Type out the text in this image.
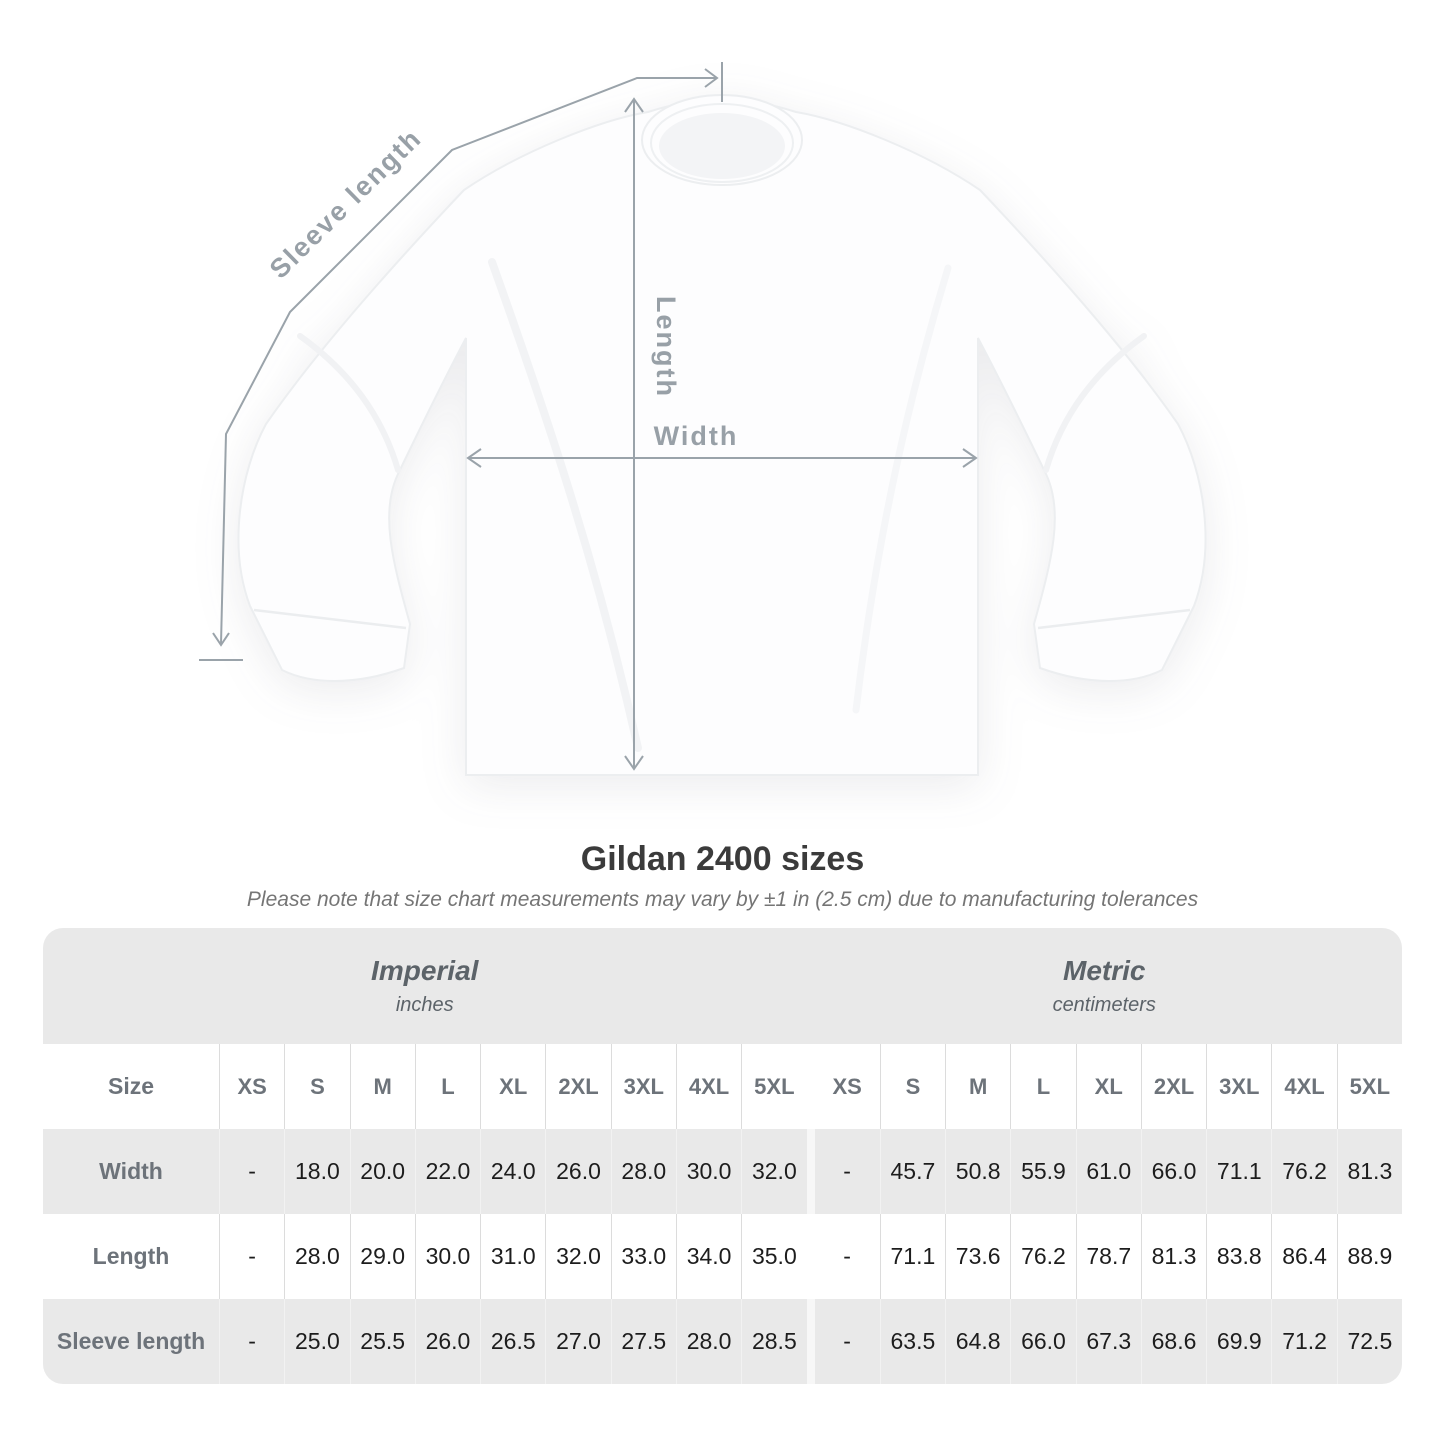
Sleeve length
Length
Width
Gildan 2400 sizes

Please note that size chart measurements may vary by ±1 in (2.5 cm) due to manufacturing tolerances

Imperial
inches
Metric
centimeters
Size	XS	S	M	L	XL	2XL	3XL	4XL	5XL	XS	S	M	L	XL	2XL	3XL	4XL	5XL
Width	-	18.0 20.0 22.0 24.0 26.0 28.0 30.0 32.0	-	45.7 50.8 55.9 61.0 66.0 71.1 76.2 81.3
Length	-	28.0 29.0 30.0 31.0 32.0 33.0 34.0 35.0	-	71.1 73.6 76.2 78.7 81.3 83.8 86.4 88.9
Sleeve length	-	25.0 25.5 26.0 26.5 27.0 27.5 28.0 28.5	-	63.5 64.8 66.0 67.3 68.6 69.9 71.2 72.5
